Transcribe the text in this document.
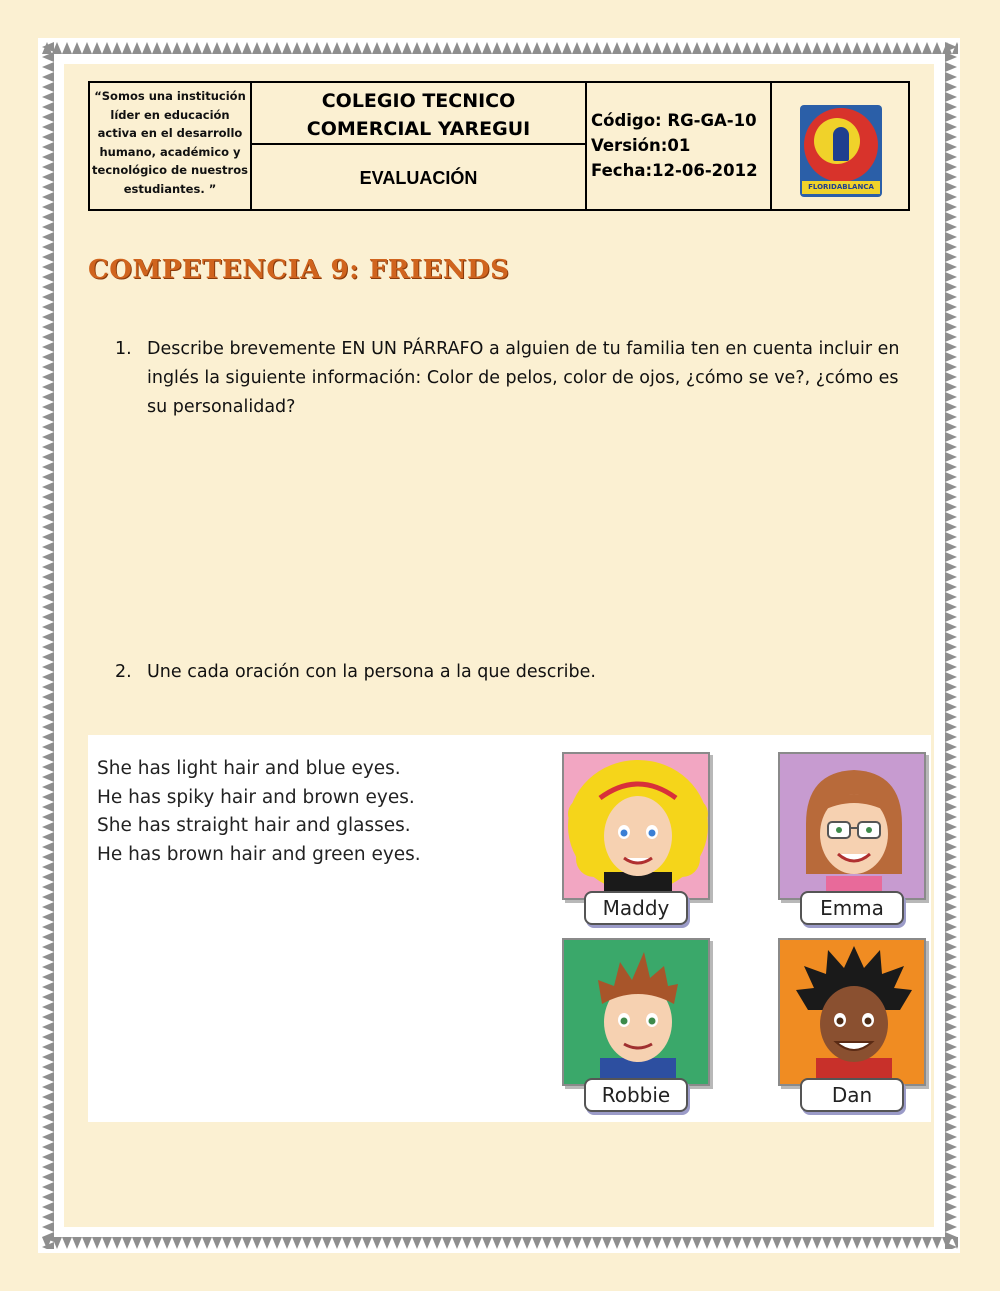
“Somos una institución líder en educación activa en el desarrollo humano, académico y tecnológico de nuestros estudiantes. ”
COLEGIO TECNICO
COMERCIAL YAREGUI
EVALUACIÓN
Código: RG-GA-10
Versión:01
Fecha:12-06-2012
FLORIDABLANCA
COMPETENCIA 9: FRIENDS
1. Describe brevemente EN UN PÁRRAFO a alguien de tu familia ten en cuenta incluir en inglés la siguiente información: Color de pelos, color de ojos, ¿cómo se ve?, ¿cómo es su personalidad?
2. Une cada oración con la persona a la que describe.
She has light hair and blue eyes.
He has spiky hair and brown eyes.
She has straight hair and glasses.
He has brown hair and green eyes.
Maddy	Emma
Robbie	Dan
